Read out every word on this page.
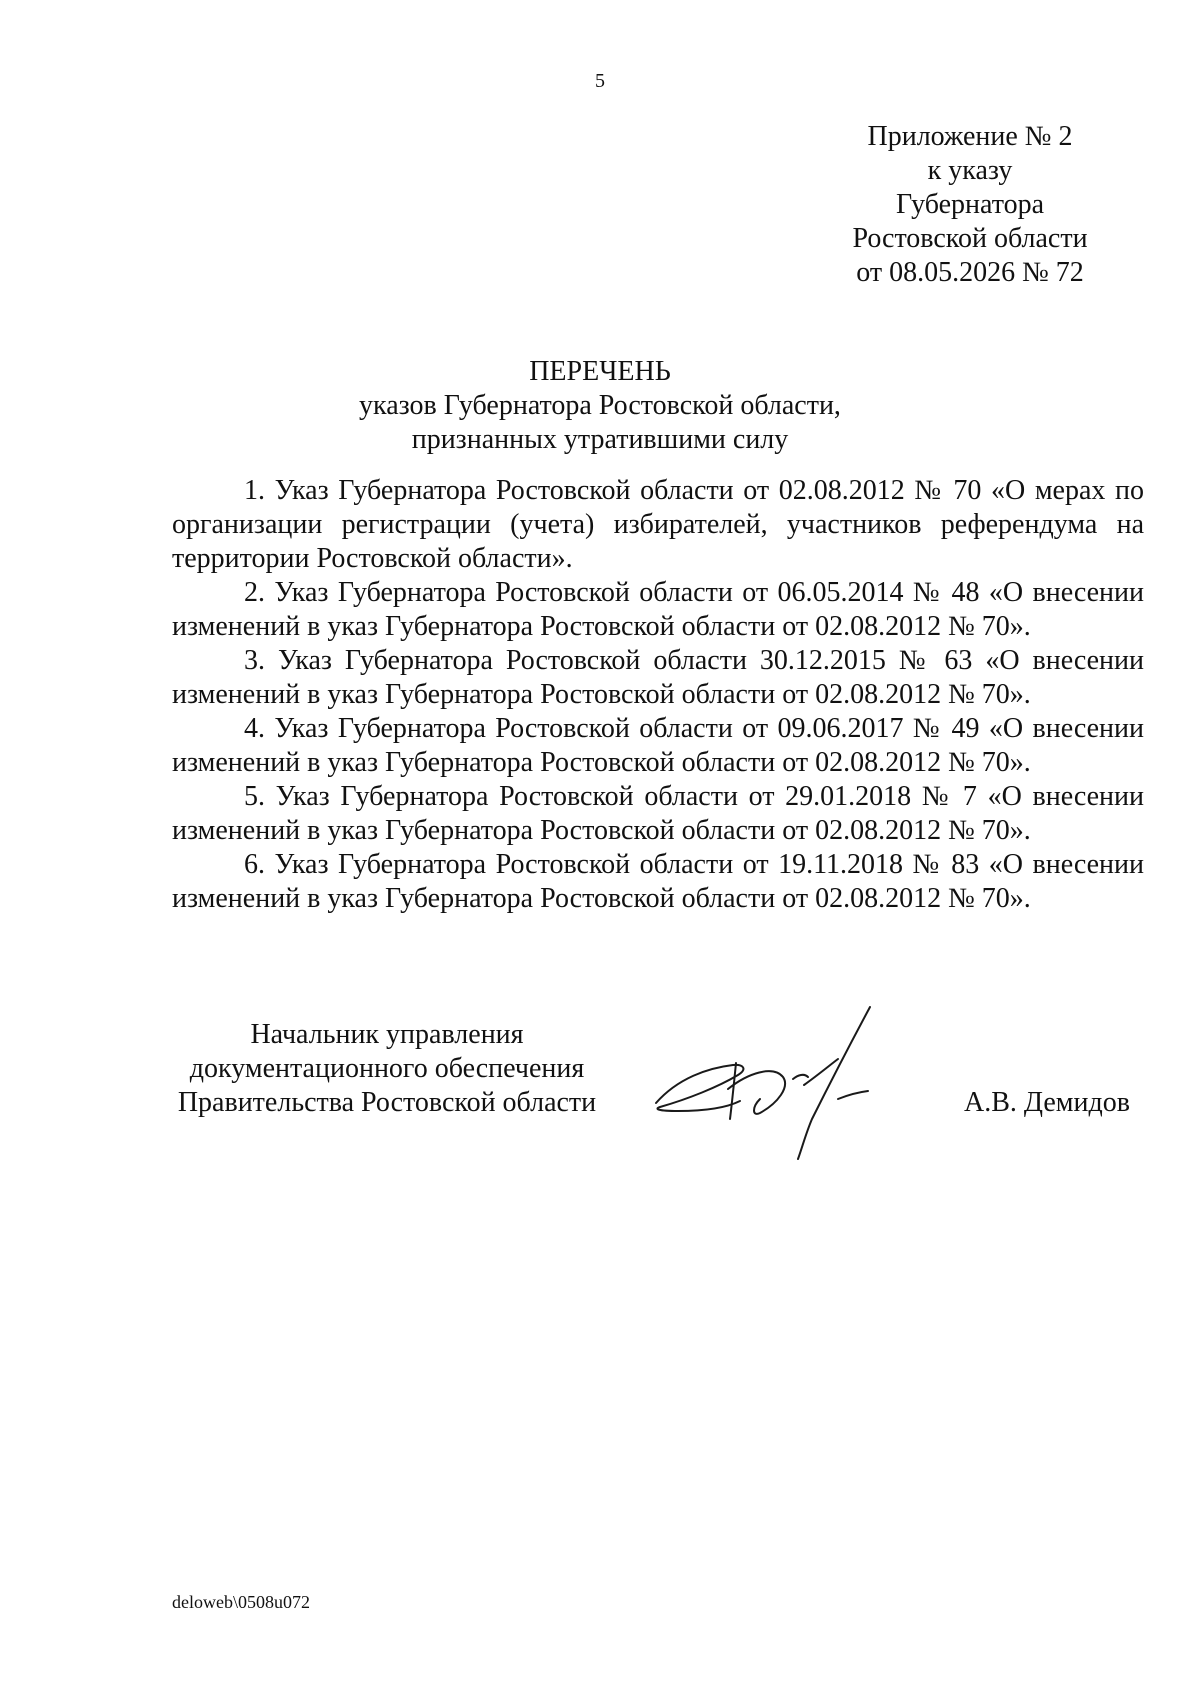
5
Приложение № 2
к указу
Губернатора
Ростовской области
от 08.05.2026 № 72
ПЕРЕЧЕНЬ
указов Губернатора Ростовской области,
признанных утратившими силу

1. Указ Губернатора Ростовской области от 02.08.2012 № 70 «О мерах по организации регистрации (учета) избирателей, участников референдума на территории Ростовской области».

2. Указ Губернатора Ростовской области от 06.05.2014 № 48 «О внесении изменений в указ Губернатора Ростовской области от 02.08.2012 № 70».

3. Указ Губернатора Ростовской области 30.12.2015 № 63 «О внесении изменений в указ Губернатора Ростовской области от 02.08.2012 № 70».

4. Указ Губернатора Ростовской области от 09.06.2017 № 49 «О внесении изменений в указ Губернатора Ростовской области от 02.08.2012 № 70».

5. Указ Губернатора Ростовской области от 29.01.2018 № 7 «О внесении изменений в указ Губернатора Ростовской области от 02.08.2012 № 70».

6. Указ Губернатора Ростовской области от 19.11.2018 № 83 «О внесении изменений в указ Губернатора Ростовской области от 02.08.2012 № 70».

Начальник управления
документационного обеспечения
Правительства Ростовской области	А.В. Демидов
deloweb\0508u072
